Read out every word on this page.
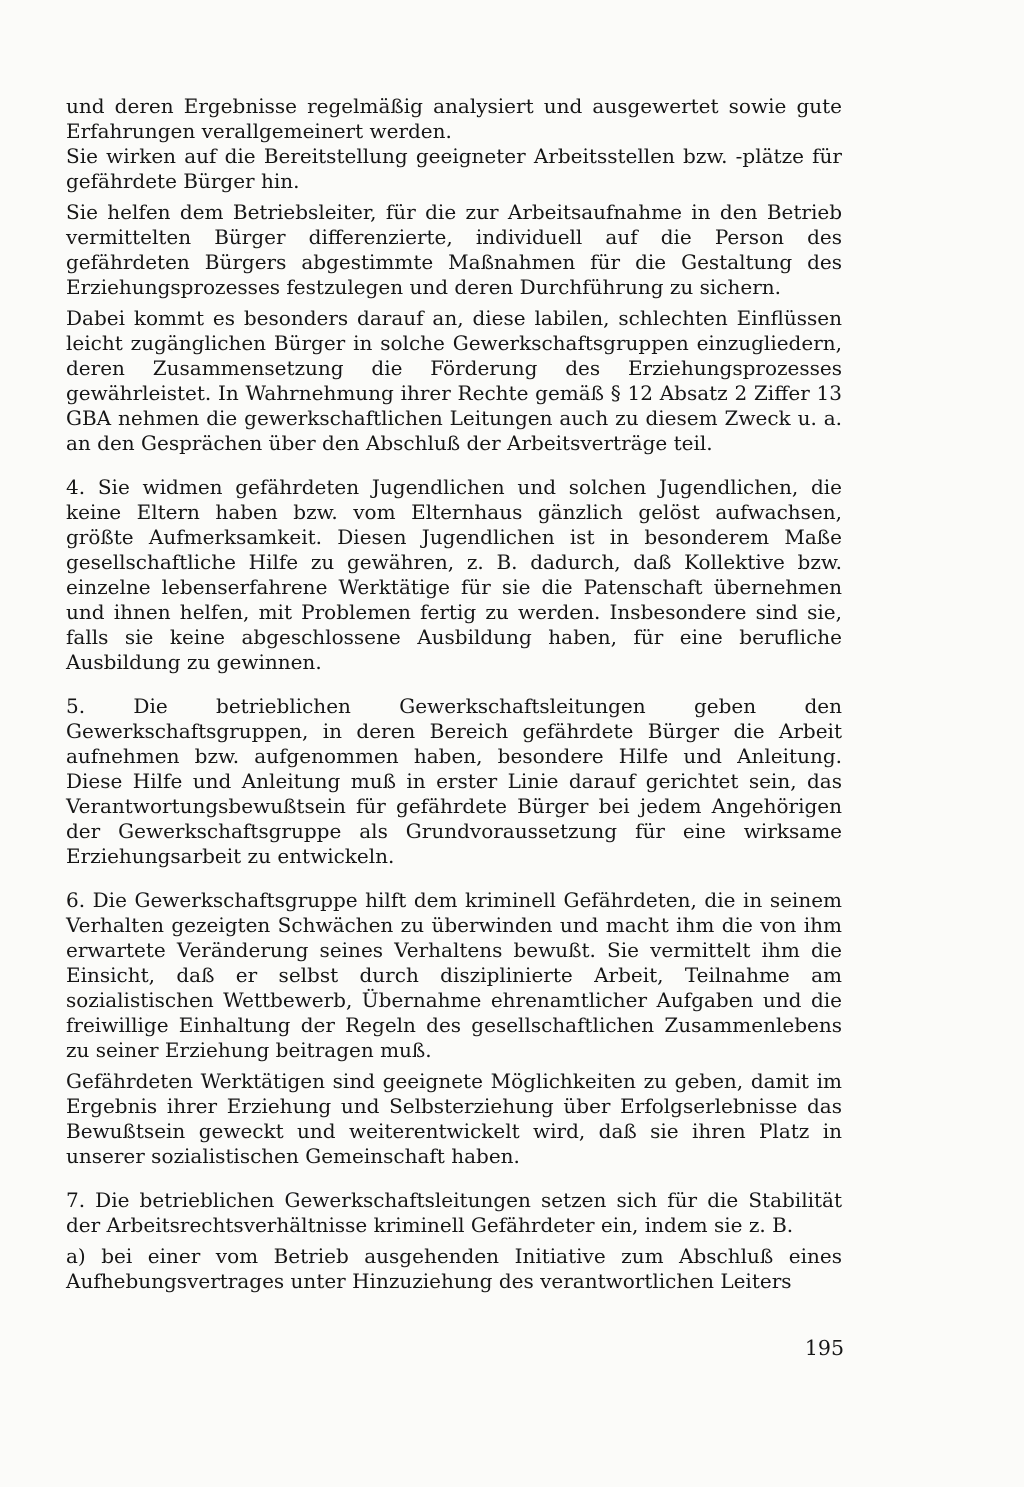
und deren Ergebnisse regelmäßig analysiert und ausgewertet sowie gute Erfahrungen verallgemeinert werden.

Sie wirken auf die Bereitstellung geeigneter Arbeitsstellen bzw. -plätze für gefährdete Bürger hin.

Sie helfen dem Betriebsleiter, für die zur Arbeitsaufnahme in den Betrieb vermittelten Bürger differenzierte, individuell auf die Person des gefährdeten Bürgers abgestimmte Maßnahmen für die Gestaltung des Erziehungsprozesses festzulegen und deren Durchführung zu sichern.

Dabei kommt es besonders darauf an, diese labilen, schlechten Einflüssen leicht zugänglichen Bürger in solche Gewerkschaftsgruppen einzugliedern, deren Zusammensetzung die Förderung des Erziehungsprozesses gewährleistet. In Wahrnehmung ihrer Rechte gemäß § 12 Absatz 2 Ziffer 13 GBA nehmen die gewerkschaftlichen Leitungen auch zu diesem Zweck u. a. an den Gesprächen über den Abschluß der Arbeitsverträge teil.

4. Sie widmen gefährdeten Jugendlichen und solchen Jugendlichen, die keine Eltern haben bzw. vom Elternhaus gänzlich gelöst aufwachsen, größte Aufmerksamkeit. Diesen Jugendlichen ist in besonderem Maße gesellschaftliche Hilfe zu gewähren, z. B. dadurch, daß Kollektive bzw. einzelne lebenserfahrene Werktätige für sie die Patenschaft übernehmen und ihnen helfen, mit Problemen fertig zu werden. Insbesondere sind sie, falls sie keine abgeschlossene Ausbildung haben, für eine berufliche Ausbildung zu gewinnen.

5. Die betrieblichen Gewerkschaftsleitungen geben den Gewerkschaftsgruppen, in deren Bereich gefährdete Bürger die Arbeit aufnehmen bzw. aufgenommen haben, besondere Hilfe und Anleitung. Diese Hilfe und Anleitung muß in erster Linie darauf gerichtet sein, das Verantwortungsbewußtsein für gefährdete Bürger bei jedem Angehörigen der Gewerkschaftsgruppe als Grundvoraussetzung für eine wirksame Erziehungsarbeit zu entwickeln.

6. Die Gewerkschaftsgruppe hilft dem kriminell Gefährdeten, die in seinem Verhalten gezeigten Schwächen zu überwinden und macht ihm die von ihm erwartete Veränderung seines Verhaltens bewußt. Sie vermittelt ihm die Einsicht, daß er selbst durch disziplinierte Arbeit, Teilnahme am sozialistischen Wettbewerb, Übernahme ehrenamtlicher Aufgaben und die freiwillige Einhaltung der Regeln des gesellschaftlichen Zusammenlebens zu seiner Erziehung beitragen muß.

Gefährdeten Werktätigen sind geeignete Möglichkeiten zu geben, damit im Ergebnis ihrer Erziehung und Selbsterziehung über Erfolgserlebnisse das Bewußtsein geweckt und weiterentwickelt wird, daß sie ihren Platz in unserer sozialistischen Gemeinschaft haben.

7. Die betrieblichen Gewerkschaftsleitungen setzen sich für die Stabilität der Arbeitsrechtsverhältnisse kriminell Gefährdeter ein, indem sie z. B.

a) bei einer vom Betrieb ausgehenden Initiative zum Abschluß eines Aufhebungsvertrages unter Hinzuziehung des verantwortlichen Leiters

195
